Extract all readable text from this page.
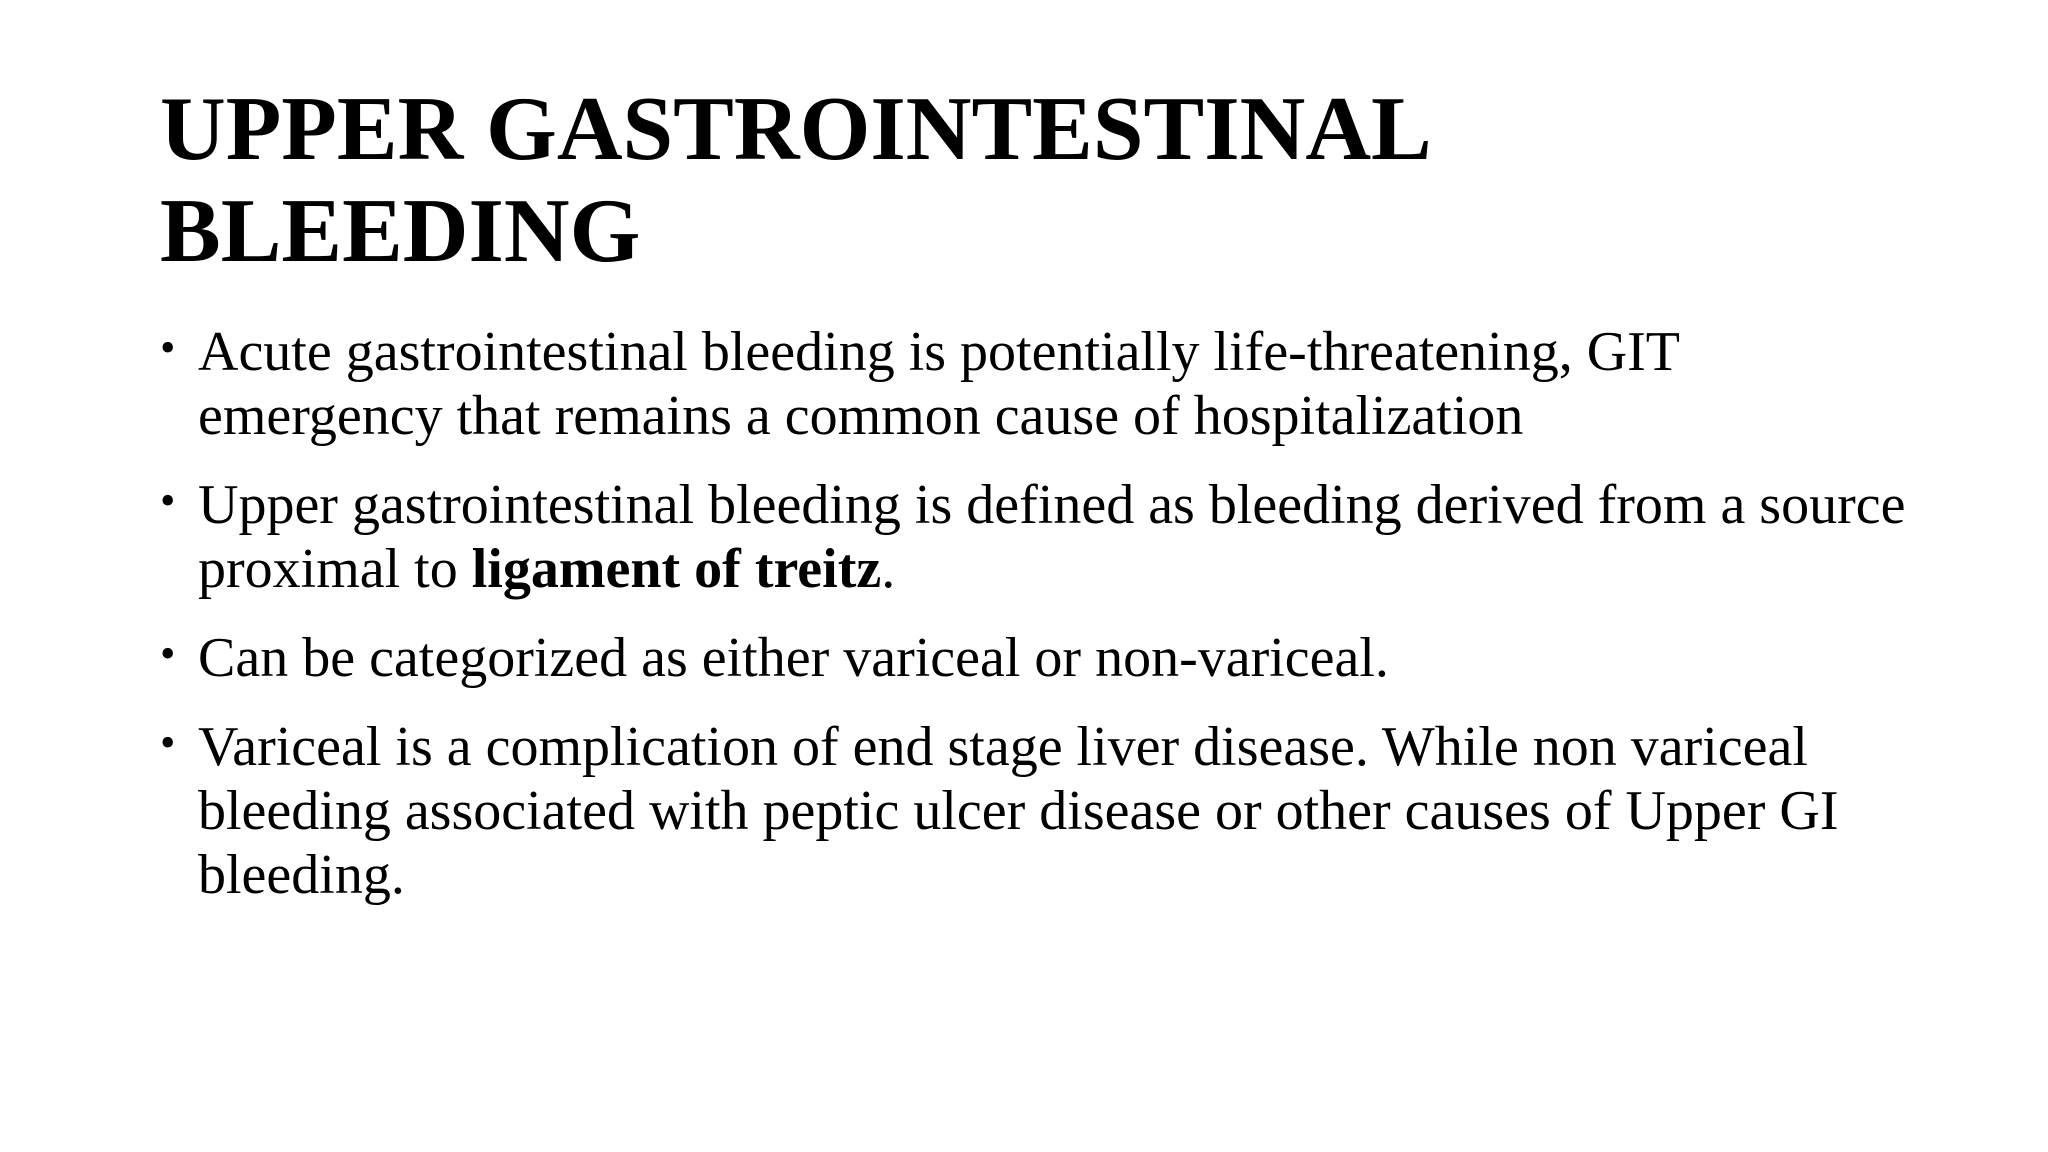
UPPER GASTROINTESTINAL
BLEEDING
• Acute gastrointestinal bleeding is potentially life-threatening, GIT emergency that remains a common cause of hospitalization
• Upper gastrointestinal bleeding is defined as bleeding derived from a source proximal to ligament of treitz.
• Can be categorized as either variceal or non-variceal.
• Variceal is a complication of end stage liver disease. While non variceal bleeding associated with peptic ulcer disease or other causes of Upper GI bleeding.
